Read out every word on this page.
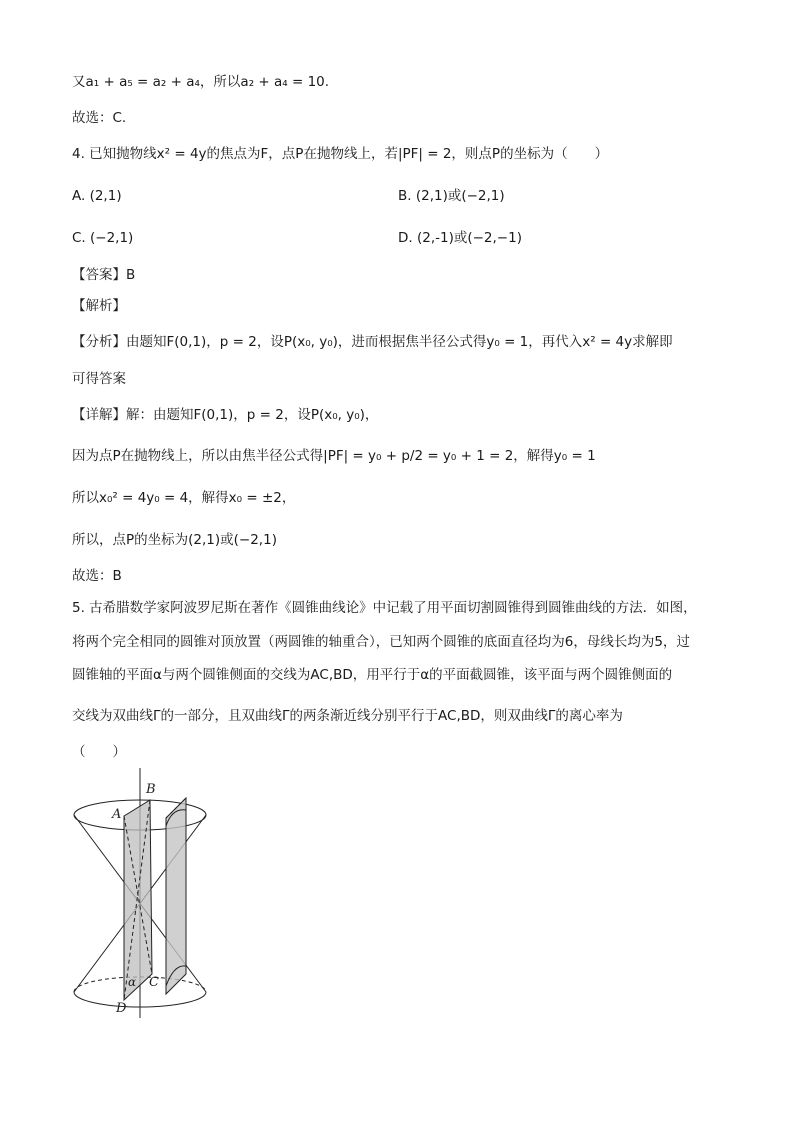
又a₁ + a₅ = a₂ + a₄，所以a₂ + a₄ = 10.
故选：C.
4. 已知抛物线x² = 4y的焦点为F，点P在抛物线上，若|PF| = 2，则点P的坐标为（　　）
A. (2,1)	B. (2,1)或(−2,1)
C. (−2,1)	D. (2,-1)或(−2,−1)
【答案】B
【解析】
【分析】由题知F(0,1)，p = 2，设P(x₀, y₀)，进而根据焦半径公式得y₀ = 1，再代入x² = 4y求解即
可得答案
【详解】解：由题知F(0,1)，p = 2，设P(x₀, y₀)，
因为点P在抛物线上，所以由焦半径公式得|PF| = y₀ + p/2 = y₀ + 1 = 2，解得y₀ = 1
所以x₀² = 4y₀ = 4，解得x₀ = ±2，
所以，点P的坐标为(2,1)或(−2,1)
故选：B
5. 古希腊数学家阿波罗尼斯在著作《圆锥曲线论》中记载了用平面切割圆锥得到圆锥曲线的方法．如图，
将两个完全相同的圆锥对顶放置（两圆锥的轴重合），已知两个圆锥的底面直径均为6，母线长均为5，过
圆锥轴的平面α与两个圆锥侧面的交线为AC,BD，用平行于α的平面截圆锥，该平面与两个圆锥侧面的
交线为双曲线Γ的一部分，且双曲线Γ的两条渐近线分别平行于AC,BD，则双曲线Γ的离心率为
（　　）
A
B
C
D
α
